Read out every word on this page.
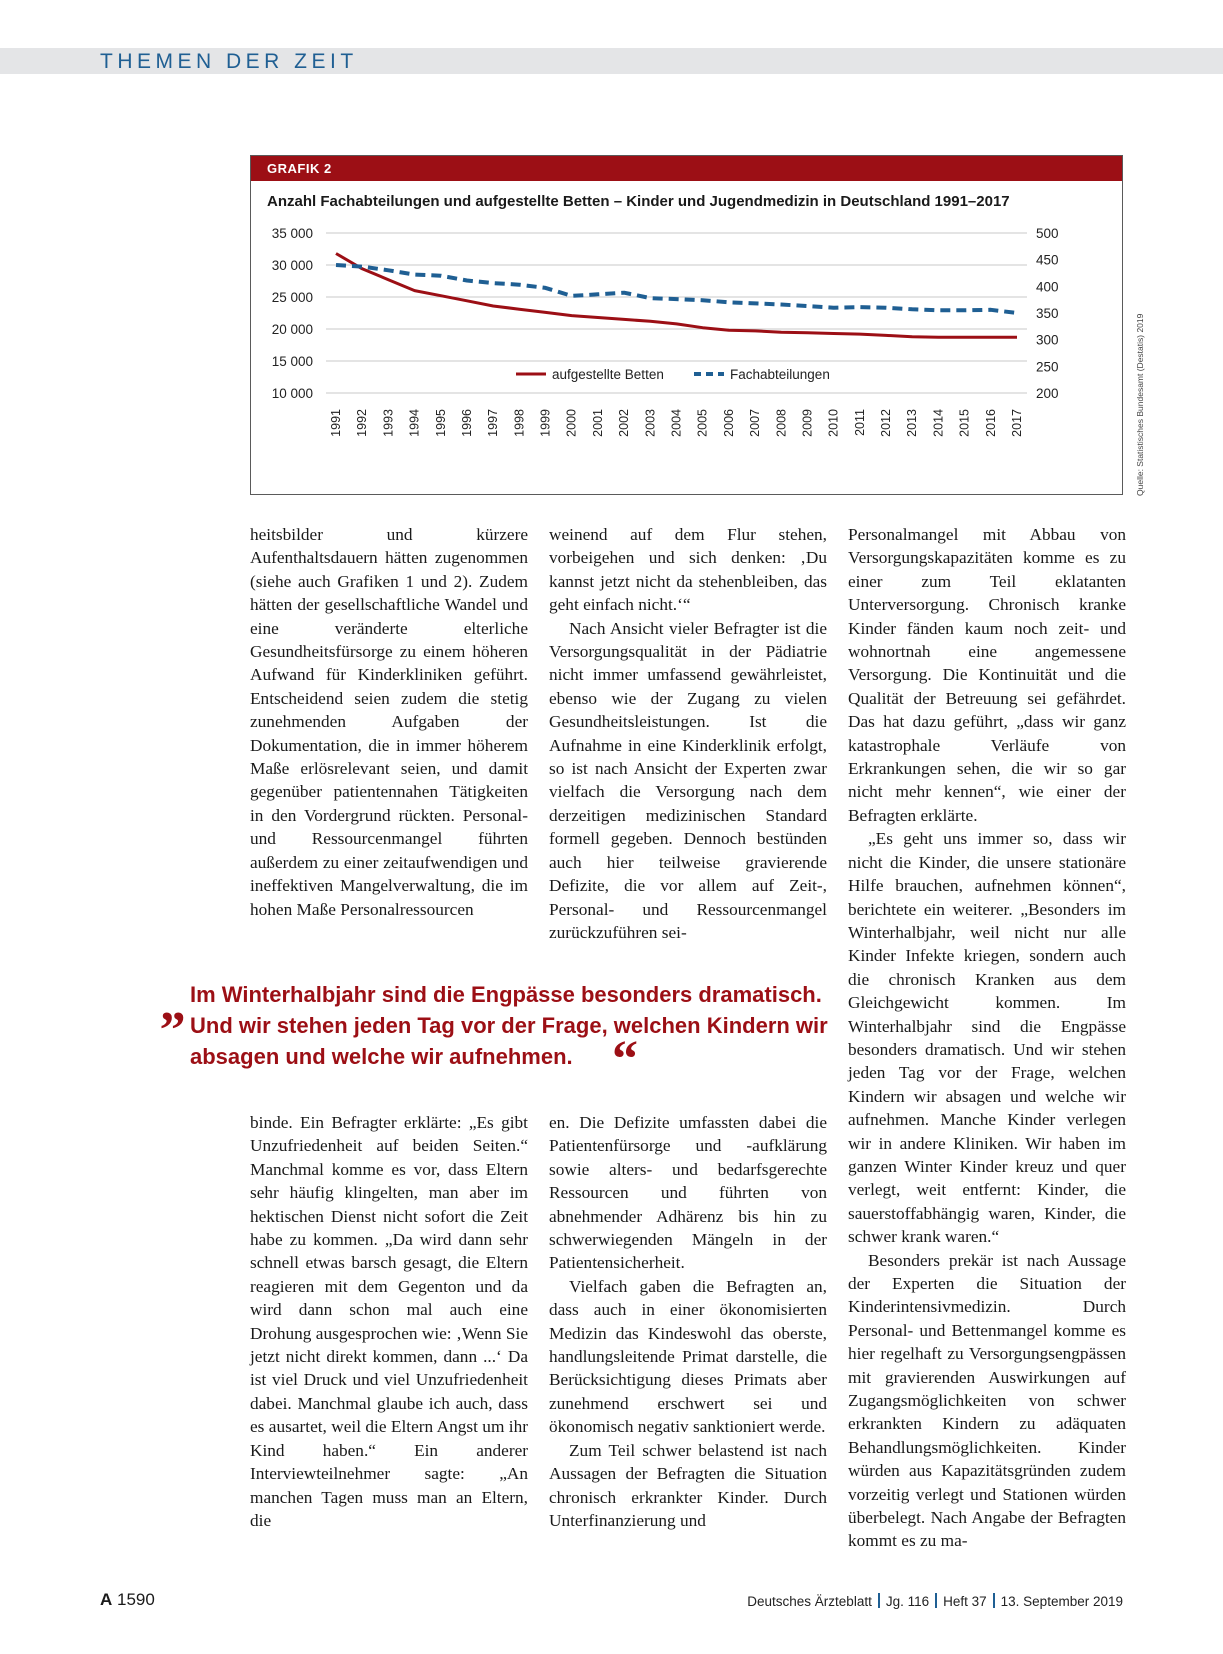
THEMEN DER ZEIT
GRAFIK 2
Anzahl Fachabteilungen und aufgestellte Betten – Kinder und Jugendmedizin in Deutschland 1991–2017
35 000
30 000
25 000
20 000
15 000
10 000
500
450
400
350
300
250
200
1991 1992 1993 1994 1995 1996 1997 1998 1999 2000 2001 2002 2003 2004 2005 2006 2007 2008 2009 2010 2011 2012 2013 2014 2015 2016 2017
aufgestellte Betten	Fachabteilungen	Quelle: Statistisches Bundesamt (Destatis) 2019

heitsbilder und kürzere Aufenthaltsdauern hätten zugenommen (siehe auch Grafiken 1 und 2). Zudem hätten der gesellschaftliche Wandel und eine veränderte elterliche Gesundheitsfürsorge zu einem höheren Aufwand für Kinderkliniken geführt. Entscheidend seien zudem die stetig zunehmenden Aufgaben der Dokumentation, die in immer höherem Maße erlösrelevant seien, und damit gegenüber patientennahen Tätigkeiten in den Vordergrund rückten. Personal- und Ressourcenmangel führten außerdem zu einer zeitaufwendigen und ineffektiven Mangelverwaltung, die im hohen Maße Personalressourcen

weinend auf dem Flur stehen, vorbeigehen und sich denken: ‚Du kannst jetzt nicht da stehenbleiben, das geht einfach nicht.‘“

Nach Ansicht vieler Befragter ist die Versorgungsqualität in der Pädiatrie nicht immer umfassend gewährleistet, ebenso wie der Zugang zu vielen Gesundheitsleistungen. Ist die Aufnahme in eine Kinderklinik erfolgt, so ist nach Ansicht der Experten zwar vielfach die Versorgung nach dem derzeitigen medizinischen Standard formell gegeben. Dennoch bestünden auch hier teilweise gravierende Defizite, die vor allem auf Zeit-, Personal- und Ressourcenmangel zurückzuführen sei-

„ Im Winterhalbjahr sind die Engpässe besonders dramatisch. Und wir stehen jeden Tag vor der Frage, welchen Kindern wir absagen und welche wir aufnehmen. “

binde. Ein Befragter erklärte: „Es gibt Unzufriedenheit auf beiden Seiten.“ Manchmal komme es vor, dass Eltern sehr häufig klingelten, man aber im hektischen Dienst nicht sofort die Zeit habe zu kommen. „Da wird dann sehr schnell etwas barsch gesagt, die Eltern reagieren mit dem Gegenton und da wird dann schon mal auch eine Drohung ausgesprochen wie: ‚Wenn Sie jetzt nicht direkt kommen, dann ...‘ Da ist viel Druck und viel Unzufriedenheit dabei. Manchmal glaube ich auch, dass es ausartet, weil die Eltern Angst um ihr Kind haben.“ Ein anderer Interviewteilnehmer sagte: „An manchen Tagen muss man an Eltern, die

en. Die Defizite umfassten dabei die Patientenfürsorge und -aufklärung sowie alters- und bedarfsgerechte Ressourcen und führten von abnehmender Adhärenz bis hin zu schwerwiegenden Mängeln in der Patientensicherheit.

Vielfach gaben die Befragten an, dass auch in einer ökonomisierten Medizin das Kindeswohl das oberste, handlungsleitende Primat darstelle, die Berücksichtigung dieses Primats aber zunehmend erschwert sei und ökonomisch negativ sanktioniert werde.

Zum Teil schwer belastend ist nach Aussagen der Befragten die Situation chronisch erkrankter Kinder. Durch Unterfinanzierung und

Personalmangel mit Abbau von Versorgungskapazitäten komme es zu einer zum Teil eklatanten Unterversorgung. Chronisch kranke Kinder fänden kaum noch zeit- und wohnortnah eine angemessene Versorgung. Die Kontinuität und die Qualität der Betreuung sei gefährdet. Das hat dazu geführt, „dass wir ganz katastrophale Verläufe von Erkrankungen sehen, die wir so gar nicht mehr kennen“, wie einer der Befragten erklärte.

„Es geht uns immer so, dass wir nicht die Kinder, die unsere stationäre Hilfe brauchen, aufnehmen können“, berichtete ein weiterer. „Besonders im Winterhalbjahr, weil nicht nur alle Kinder Infekte kriegen, sondern auch die chronisch Kranken aus dem Gleichgewicht kommen. Im Winterhalbjahr sind die Engpässe besonders dramatisch. Und wir stehen jeden Tag vor der Frage, welchen Kindern wir absagen und welche wir aufnehmen. Manche Kinder verlegen wir in andere Kliniken. Wir haben im ganzen Winter Kinder kreuz und quer verlegt, weit entfernt: Kinder, die sauerstoffabhängig waren, Kinder, die schwer krank waren.“

Besonders prekär ist nach Aussage der Experten die Situation der Kinderintensivmedizin. Durch Personal- und Bettenmangel komme es hier regelhaft zu Versorgungsengpässen mit gravierenden Auswirkungen auf Zugangsmöglichkeiten von schwer erkrankten Kindern zu adäquaten Behandlungsmöglichkeiten. Kinder würden aus Kapazitätsgründen zudem vorzeitig verlegt und Stationen würden überbelegt. Nach Angabe der Befragten kommt es zu ma-

A 1590	Deutsches Ärzteblatt Jg. 116 Heft 37 13. September 2019
